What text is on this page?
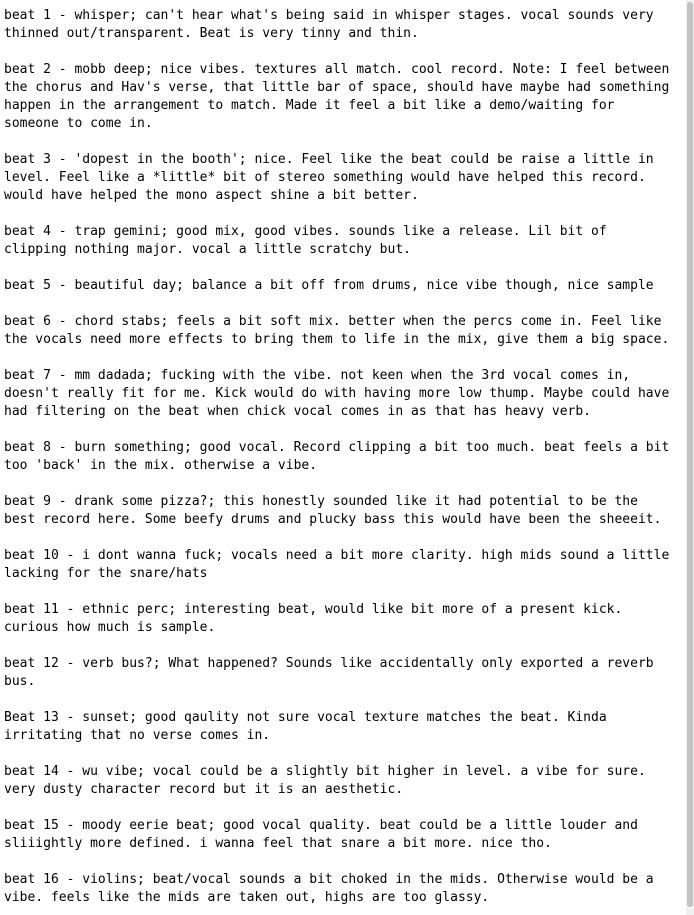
beat 1 - whisper; can't hear what's being said in whisper stages. vocal sounds very
thinned out/transparent. Beat is very tinny and thin.

beat 2 - mobb deep; nice vibes. textures all match. cool record. Note: I feel between
the chorus and Hav's verse, that little bar of space, should have maybe had something
happen in the arrangement to match. Made it feel a bit like a demo/waiting for
someone to come in.

beat 3 - 'dopest in the booth'; nice. Feel like the beat could be raise a little in
level. Feel like a *little* bit of stereo something would have helped this record.
would have helped the mono aspect shine a bit better.

beat 4 - trap gemini; good mix, good vibes. sounds like a release. Lil bit of
clipping nothing major. vocal a little scratchy but.

beat 5 - beautiful day; balance a bit off from drums, nice vibe though, nice sample

beat 6 - chord stabs; feels a bit soft mix. better when the percs come in. Feel like
the vocals need more effects to bring them to life in the mix, give them a big space.

beat 7 - mm dadada; fucking with the vibe. not keen when the 3rd vocal comes in,
doesn't really fit for me. Kick would do with having more low thump. Maybe could have
had filtering on the beat when chick vocal comes in as that has heavy verb.

beat 8 - burn something; good vocal. Record clipping a bit too much. beat feels a bit
too 'back' in the mix. otherwise a vibe.

beat 9 - drank some pizza?; this honestly sounded like it had potential to be the
best record here. Some beefy drums and plucky bass this would have been the sheeeit.

beat 10 - i dont wanna fuck; vocals need a bit more clarity. high mids sound a little
lacking for the snare/hats

beat 11 - ethnic perc; interesting beat, would like bit more of a present kick.
curious how much is sample.

beat 12 - verb bus?; What happened? Sounds like accidentally only exported a reverb
bus.

Beat 13 - sunset; good qaulity not sure vocal texture matches the beat. Kinda
irritating that no verse comes in.

beat 14 - wu vibe; vocal could be a slightly bit higher in level. a vibe for sure.
very dusty character record but it is an aesthetic.

beat 15 - moody eerie beat; good vocal quality. beat could be a little louder and
sliiightly more defined. i wanna feel that snare a bit more. nice tho.

beat 16 - violins; beat/vocal sounds a bit choked in the mids. Otherwise would be a
vibe. feels like the mids are taken out, highs are too glassy.
